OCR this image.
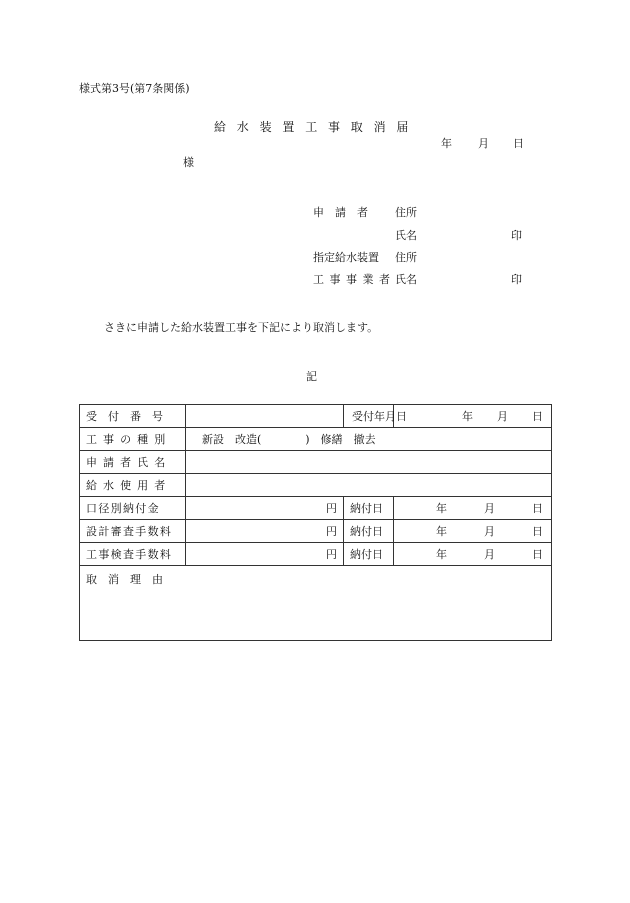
様式第3号(第7条関係)
給水装置工事取消届
年 月 日
様
申　請　者 住所
氏名	印
指定給水装置 住所
工事事業者 氏名	印
さきに申請した給水装置工事を下記により取消します。
記
受　付　番　号		受付年月日	年 月 日

工事の種別	新設　改造(　　　　)　修繕　撤去		
申請者氏名			
給水使用者			
口径別納付金	円	納付日	年 月 日

設計審査手数料	円	納付日	年 月 日

工事検査手数料	円	納付日	年 月 日

取　消　理　由			
